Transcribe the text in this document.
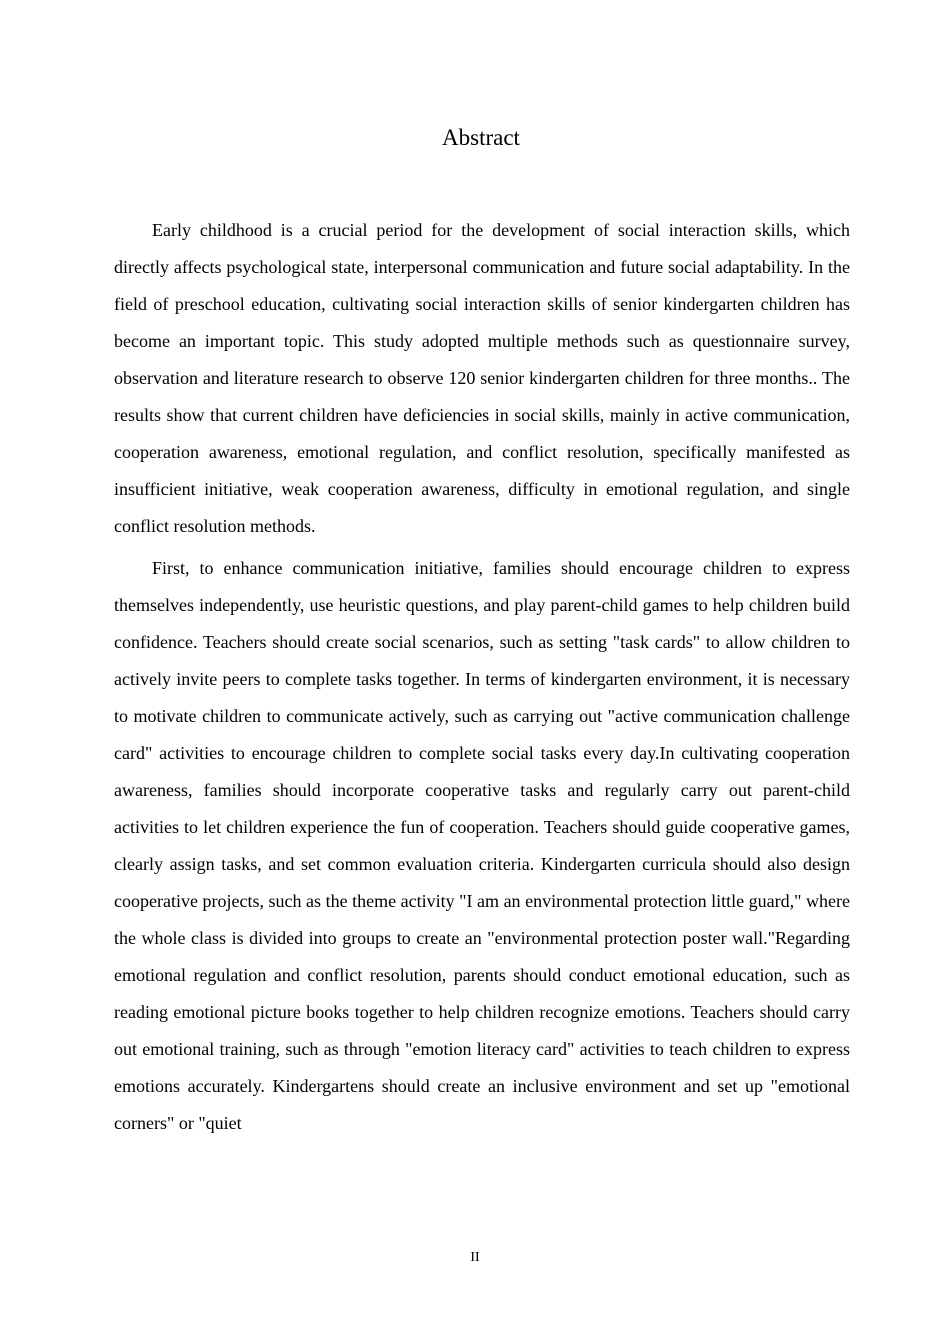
Abstract

Early childhood is a crucial period for the development of social interaction skills, which directly affects psychological state, interpersonal communication and future social adaptability. In the field of preschool education, cultivating social interaction skills of senior kindergarten children has become an important topic. This study adopted multiple methods such as questionnaire survey, observation and literature research to observe 120 senior kindergarten children for three months.. The results show that current children have deficiencies in social skills, mainly in active communication, cooperation awareness, emotional regulation, and conflict resolution, specifically manifested as insufficient initiative, weak cooperation awareness, difficulty in emotional regulation, and single conflict resolution methods.

First, to enhance communication initiative, families should encourage children to express themselves independently, use heuristic questions, and play parent-child games to help children build confidence. Teachers should create social scenarios, such as setting "task cards" to allow children to actively invite peers to complete tasks together. In terms of kindergarten environment, it is necessary to motivate children to communicate actively, such as carrying out "active communication challenge card" activities to encourage children to complete social tasks every day.In cultivating cooperation awareness, families should incorporate cooperative tasks and regularly carry out parent-child activities to let children experience the fun of cooperation. Teachers should guide cooperative games, clearly assign tasks, and set common evaluation criteria. Kindergarten curricula should also design cooperative projects, such as the theme activity "I am an environmental protection little guard," where the whole class is divided into groups to create an "environmental protection poster wall."Regarding emotional regulation and conflict resolution, parents should conduct emotional education, such as reading emotional picture books together to help children recognize emotions. Teachers should carry out emotional training, such as through "emotion literacy card" activities to teach children to express emotions accurately. Kindergartens should create an inclusive environment and set up "emotional corners" or "quiet

II
